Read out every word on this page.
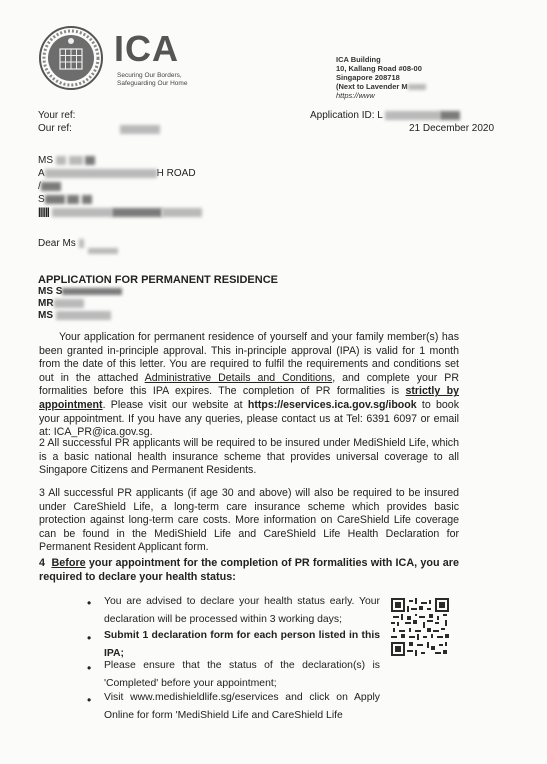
ICA
Securing Our Borders,
Safeguarding Our Home
ICA Building
10, Kallang Road #08-00
Singapore 208718
(Next to Lavender M
https://www
Your ref:
Our ref:
Application ID: L
21 December 2020
MS
A	H ROAD
/
S
||||||
Dear Ms
APPLICATION FOR PERMANENT RESIDENCE
MS S
MR
MS
Your application for permanent residence of yourself and your family member(s) has been granted in-principle approval. This in-principle approval (IPA) is valid for 1 month from the date of this letter. You are required to fulfil the requirements and conditions set out in the attached Administrative Details and Conditions, and complete your PR formalities before this IPA expires. The completion of PR formalities is strictly by appointment. Please visit our website at https://eservices.ica.gov.sg/ibook to book your appointment. If you have any queries, please contact us at Tel: 6391 6097 or email at: ICA_PR@ica.gov.sg.
2 All successful PR applicants will be required to be insured under MediShield Life, which is a basic national health insurance scheme that provides universal coverage to all Singapore Citizens and Permanent Residents.
3 All successful PR applicants (if age 30 and above) will also be required to be insured under CareShield Life, a long-term care insurance scheme which provides basic protection against long-term care costs. More information on CareShield Life coverage can be found in the MediShield Life and CareShield Life Health Declaration for Permanent Resident Applicant form.
4 Before your appointment for the completion of PR formalities with ICA, you are required to declare your health status:
• You are advised to declare your health status early. Your declaration will be processed within 3 working days;
• Submit 1 declaration form for each person listed in this IPA;
• Please ensure that the status of the declaration(s) is 'Completed' before your appointment;
• Visit www.medishieldlife.sg/eservices and click on Apply Online for form 'MediShield Life and CareShield Life
